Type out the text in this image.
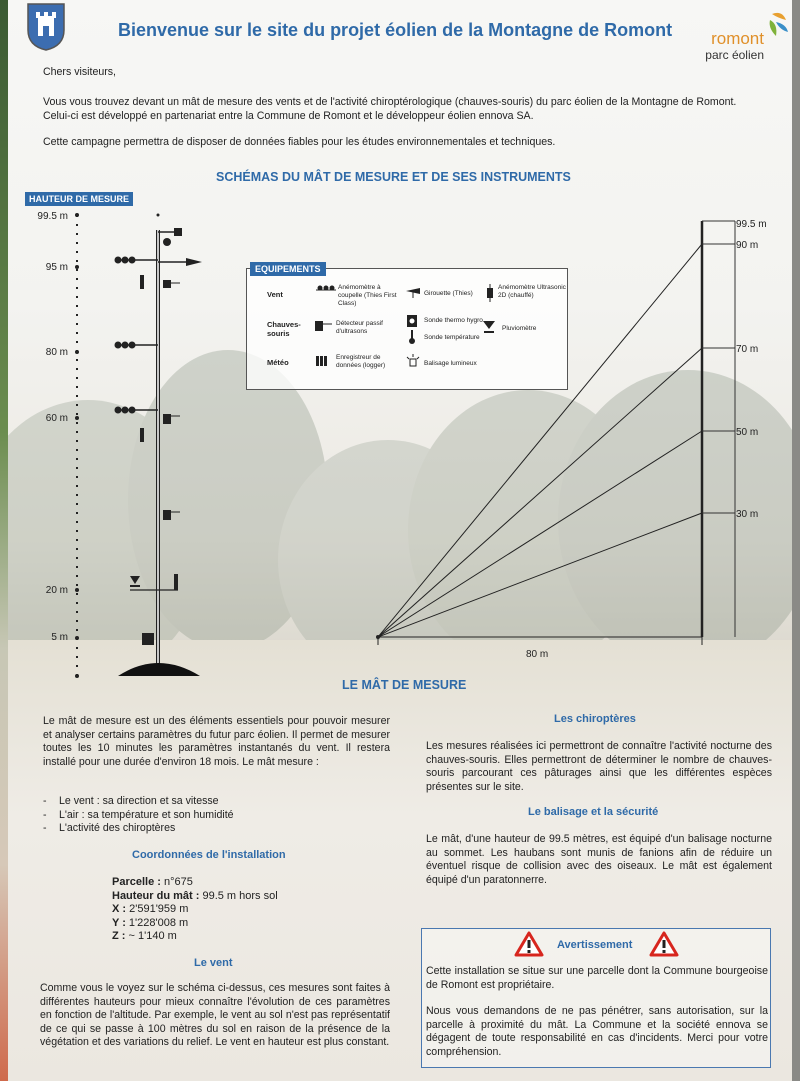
Bienvenue sur le site du projet éolien de la Montagne de Romont	romont
parc éolien
Chers visiteurs,
Vous vous trouvez devant un mât de mesure des vents et de l'activité chiroptérologique (chauves-souris) du parc éolien de la Montagne de Romont. Celui-ci est développé en partenariat entre la Commune de Romont et le développeur éolien ennova SA.
Cette campagne permettra de disposer de données fiables pour les études environnementales et techniques.
SCHÉMAS DU MÂT DE MESURE ET DE SES INSTRUMENTS
HAUTEUR DE MESURE
99.5 m
95 m
80 m
60 m
20 m
5 m
EQUIPEMENTS
Vent
Chauves-souris
Météo
Anémomètre à coupelle (Thies First Class)
Girouette (Thies)
Anémomètre Ultrasonic 2D (chauffé)
Détecteur passif d'ultrasons
Sonde thermo hygro
Sonde température
Pluviomètre
Enregistreur de données (logger)	Balisage lumineux
99.5 m
90 m
70 m
50 m
30 m
80 m
LE MÂT DE MESURE
Le mât de mesure est un des éléments essentiels pour pouvoir mesurer et analyser certains paramètres du futur parc éolien. Il permet de mesurer toutes les 10 minutes les paramètres instantanés du vent. Il restera installé pour une durée d'environ 18 mois. Le mât mesure :
- Le vent : sa direction et sa vitesse
- L'air : sa température et son humidité
- L'activité des chiroptères
Coordonnées de l'installation
Parcelle : n°675
Hauteur du mât : 99.5 m hors sol
X : 2'591'959 m
Y : 1'228'008 m
Z : ~ 1'140 m
Le vent
Comme vous le voyez sur le schéma ci-dessus, ces mesures sont faites à différentes hauteurs pour mieux connaître l'évolution de ces paramètres en fonction de l'altitude. Par exemple, le vent au sol n'est pas représentatif de ce qui se passe à 100 mètres du sol en raison de la présence de la végétation et des variations du relief. Le vent en hauteur est plus constant.
Les chiroptères
Les mesures réalisées ici permettront de connaître l'activité nocturne des chauves-souris. Elles permettront de déterminer le nombre de chauves-souris parcourant ces pâturages ainsi que les différentes espèces présentes sur le site.
Le balisage et la sécurité
Le mât, d'une hauteur de 99.5 mètres, est équipé d'un balisage nocturne au sommet. Les haubans sont munis de fanions afin de réduire un éventuel risque de collision avec des oiseaux. Le mât est également équipé d'un paratonnerre.
Avertissement
Cette installation se situe sur une parcelle dont la Commune bourgeoise de Romont est propriétaire.
Nous vous demandons de ne pas pénétrer, sans autorisation, sur la parcelle à proximité du mât. La Commune et la société ennova se dégagent de toute responsabilité en cas d'incidents. Merci pour votre compréhension.
